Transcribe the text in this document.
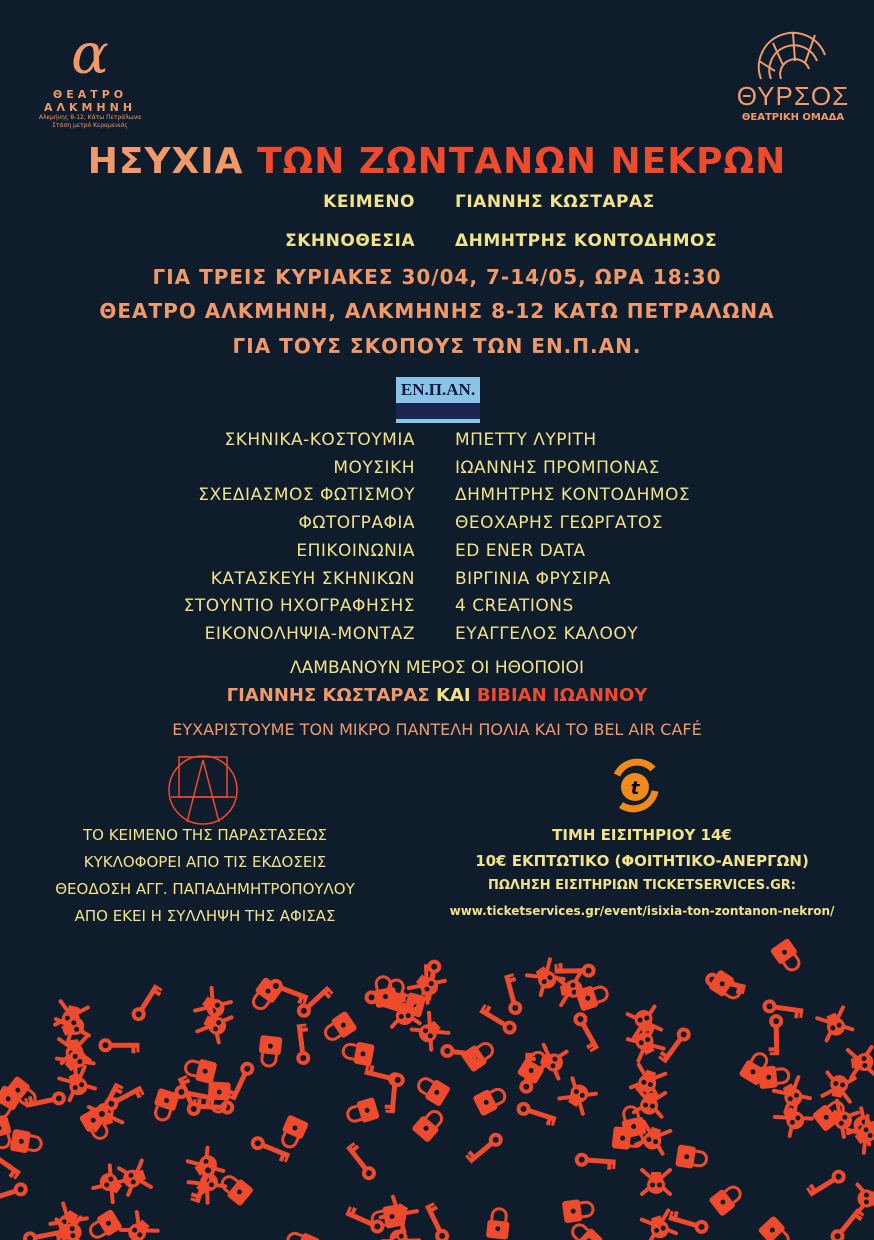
α
ΘΕΑΤΡΟ
ΑΛΚΜΗΝΗ
Αλκμήνης 8-12, Κάτω Πετράλωνα
Στάση μετρό Κεραμεικός
ΘΥΡΣΟΣ
ΘΕΑΤΡΙΚΗ ΟΜΑΔΑ
ΗΣΥΧΙΑ ΤΩΝ ΖΩΝΤΑΝΩΝ ΝΕΚΡΩΝ
ΚΕΙΜΕΝΟ ΓΙΑΝΝΗΣ ΚΩΣΤΑΡΑΣ
ΣΚΗΝΟΘΕΣΙΑ ΔΗΜΗΤΡΗΣ ΚΟΝΤΟΔΗΜΟΣ
ΓΙΑ ΤΡΕΙΣ ΚΥΡΙΑΚΕΣ 30/04, 7-14/05, ΩΡΑ 18:30
ΘΕΑΤΡΟ ΑΛΚΜΗΝΗ, ΑΛΚΜΗΝΗΣ 8-12 ΚΑΤΩ ΠΕΤΡΑΛΩΝΑ
ΓΙΑ ΤΟΥΣ ΣΚΟΠΟΥΣ ΤΩΝ ΕΝ.Π.ΑΝ.
ΕΝ.Π.ΑΝ.
ΣΚΗΝΙΚΑ-ΚΟΣΤΟΥΜΙΑ ΜΠΕΤΤΥ ΛΥΡΙΤΗ
ΜΟΥΣΙΚΗ ΙΩΑΝΝΗΣ ΠΡΟΜΠΟΝΑΣ
ΣΧΕΔΙΑΣΜΟΣ ΦΩΤΙΣΜΟΥ ΔΗΜΗΤΡΗΣ ΚΟΝΤΟΔΗΜΟΣ
ΦΩΤΟΓΡΑΦΙΑ ΘΕΟΧΑΡΗΣ ΓΕΩΡΓΑΤΟΣ
ΕΠΙΚΟΙΝΩΝΙΑ ED ENER DATA
ΚΑΤΑΣΚΕΥΗ ΣΚΗΝΙΚΩΝ ΒΙΡΓΙΝΙΑ ΦΡΥΣΙΡΑ
ΣΤΟΥΝΤΙΟ ΗΧΟΓΡΑΦΗΣΗΣ 4 CREATIONS
ΕΙΚΟΝΟΛΗΨΙΑ-ΜΟΝΤΑΖ ΕΥΑΓΓΕΛΟΣ ΚΑΛΟΟΥ
ΛΑΜΒΑΝΟΥΝ ΜΕΡΟΣ ΟΙ ΗΘΟΠΟΙΟΙ
ΓΙΑΝΝΗΣ ΚΩΣΤΑΡΑΣ ΚΑΙ ΒΙΒΙΑΝ ΙΩΑΝΝΟΥ
ΕΥΧΑΡΙΣΤΟΥΜΕ ΤΟΝ ΜΙΚΡΟ ΠΑΝΤΕΛΗ ΠΟΛΙΑ ΚΑΙ ΤΟ BEL AIR CAFÉ
ΤΟ ΚΕΙΜΕΝΟ ΤΗΣ ΠΑΡΑΣΤΑΣΕΩΣ
ΚΥΚΛΟΦΟΡΕΙ ΑΠΟ ΤΙΣ ΕΚΔΟΣΕΙΣ
ΘΕΟΔΟΣΗ ΑΓΓ. ΠΑΠΑΔΗΜΗΤΡΟΠΟΥΛΟΥ
ΑΠΟ ΕΚΕΙ Η ΣΥΛΛΗΨΗ ΤΗΣ ΑΦΙΣΑΣ
t
ΤΙΜΗ ΕΙΣΙΤΗΡΙΟΥ 14€
10€ ΕΚΠΤΩΤΙΚΟ (ΦΟΙΤΗΤΙΚΟ-ΑΝΕΡΓΩΝ)
ΠΩΛΗΣΗ ΕΙΣΙΤΗΡΙΩΝ TICKETSERVICES.GR:
www.ticketservices.gr/event/isixia-ton-zontanon-nekron/
